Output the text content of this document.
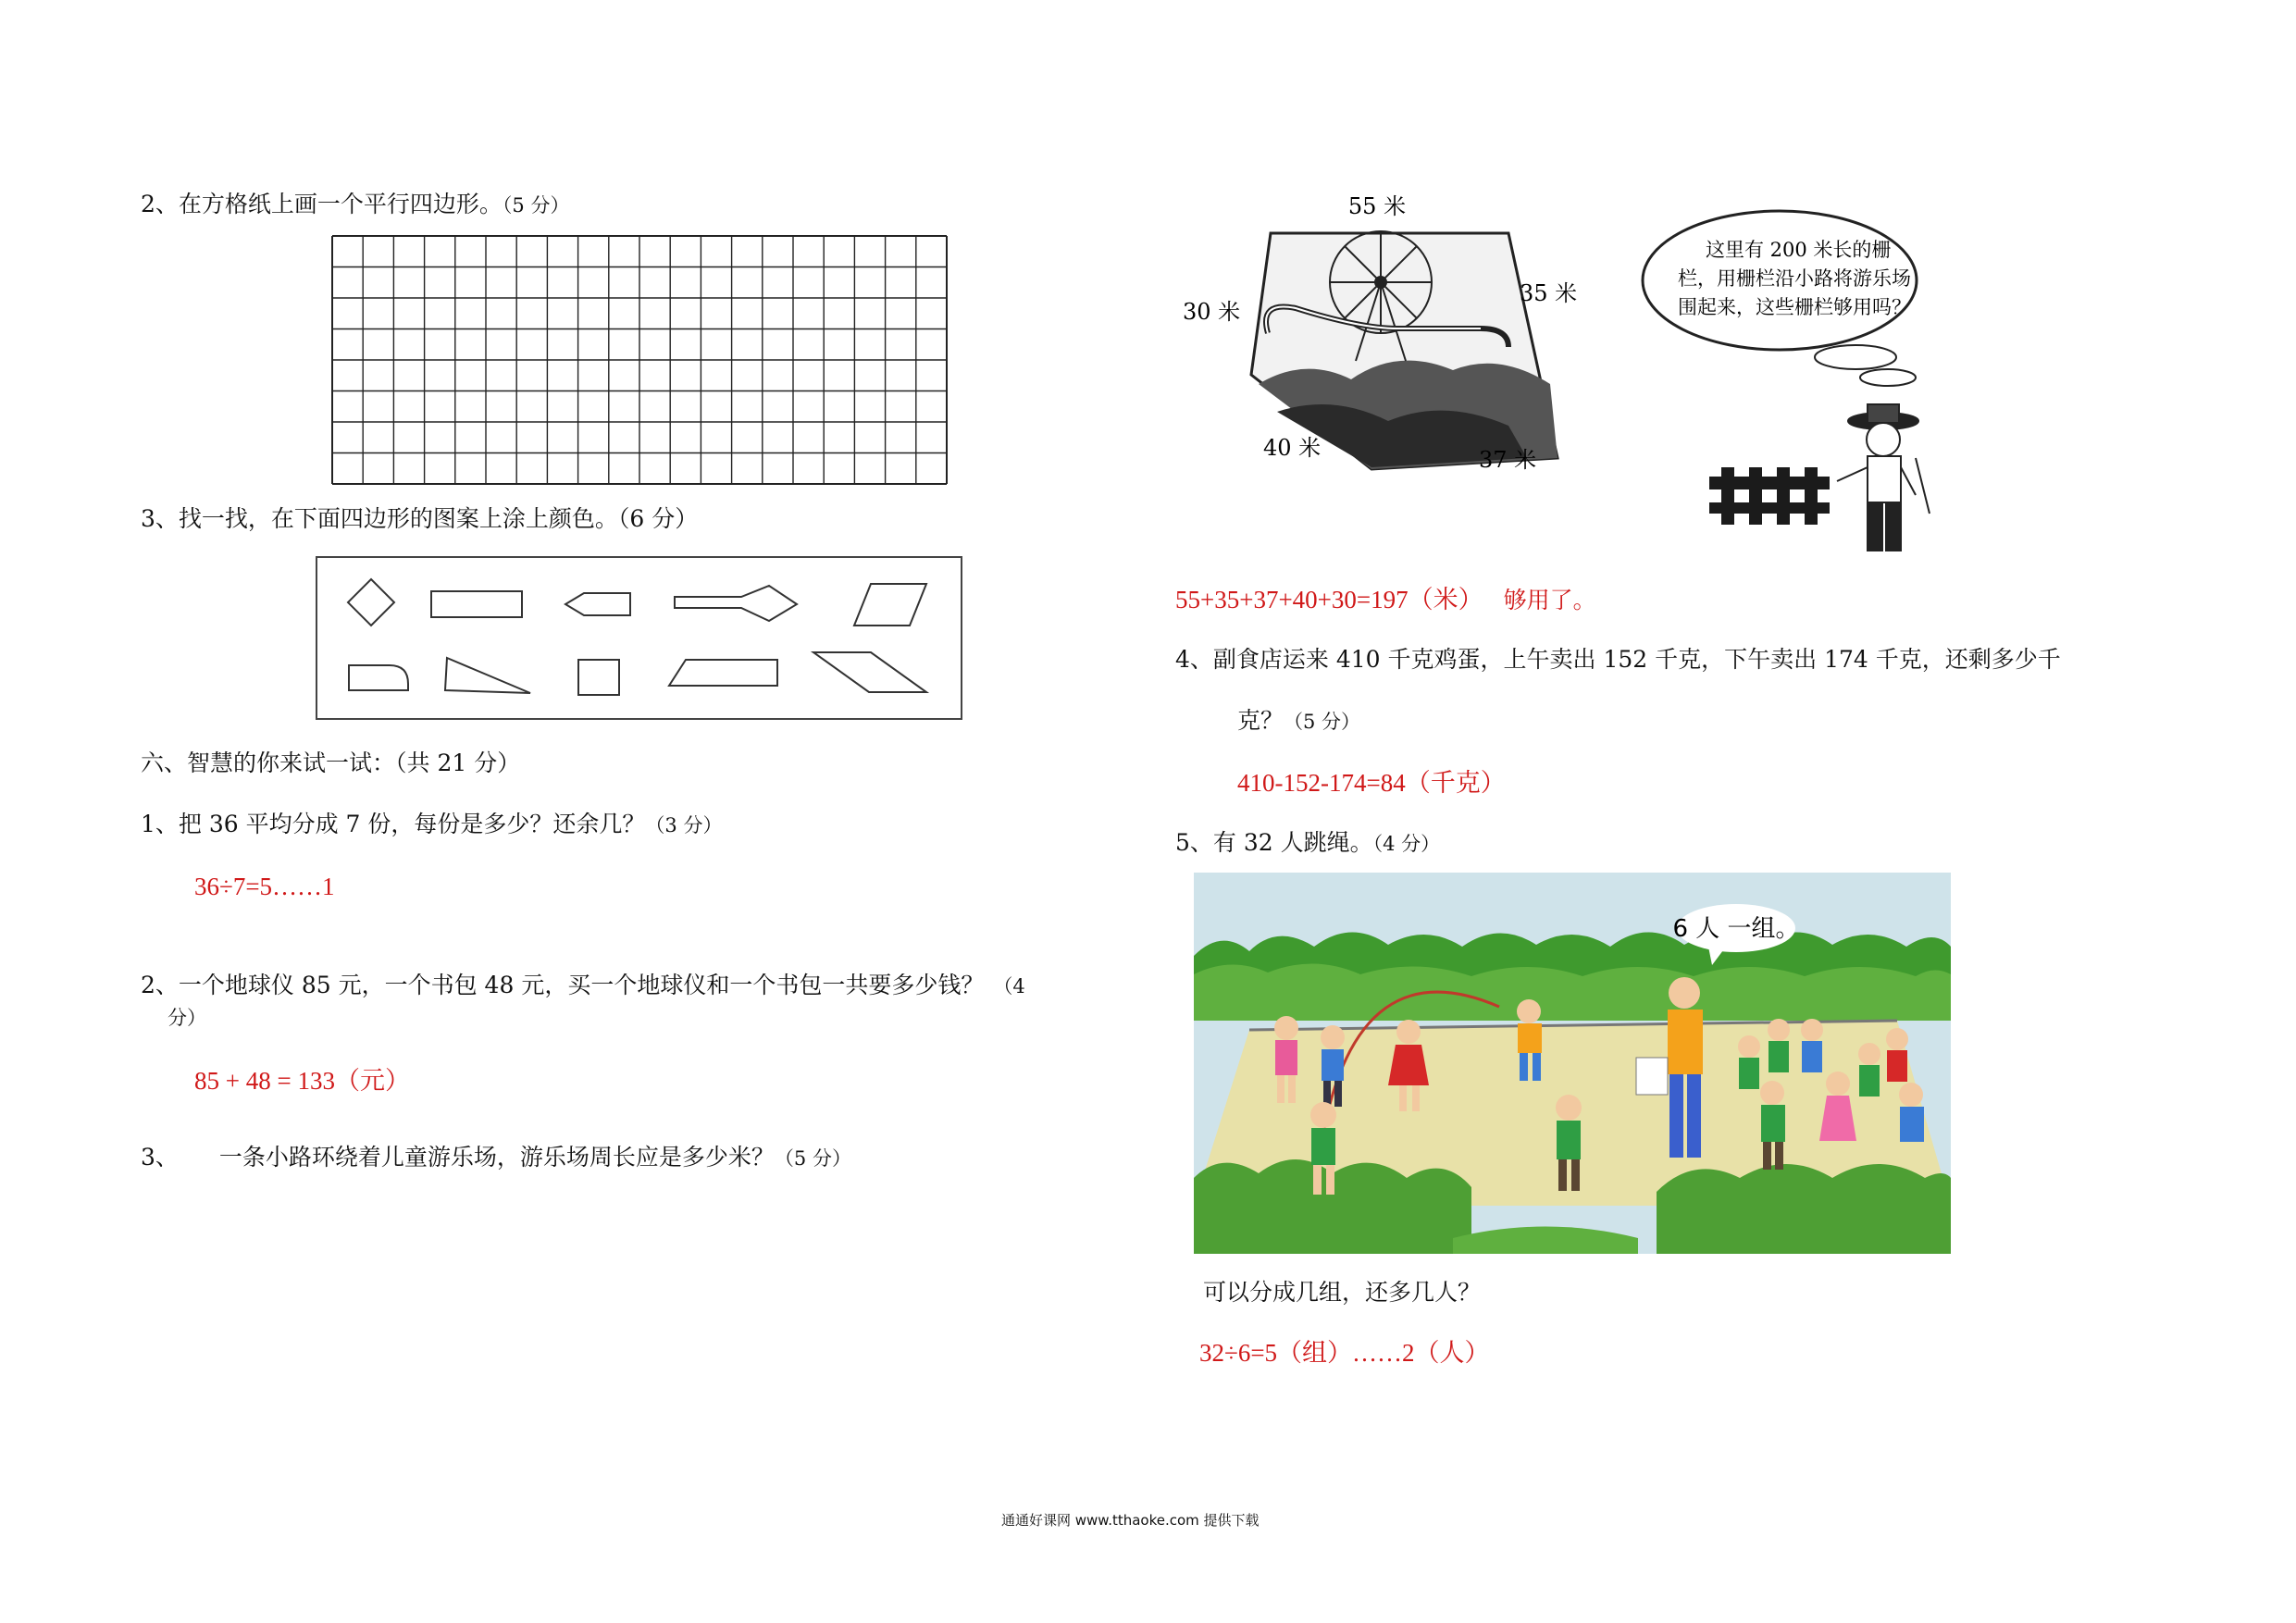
2、在方格纸上画一个平行四边形。（5 分）
3、找一找，在下面四边形的图案上涂上颜色。（6 分）
六、智慧的你来试一试：（共 21 分）
1、把 36 平均分成 7 份，每份是多少？还余几？（3 分）
36÷7=5……1
2、一个地球仪 85 元，一个书包 48 元，买一个地球仪和一个书包一共要多少钱？ （4
分）
85 + 48 = 133（元）
3、 一条小路环绕着儿童游乐场，游乐场周长应是多少米？（5 分）
55 米
35 米
30 米
40 米	37 米
这里有 200 米长的栅
栏，用栅栏沿小路将游乐场
围起来，这些栅栏够用吗？
55+35+37+40+30=197（米） 够用了。
4、副食店运来 410 千克鸡蛋，上午卖出 152 千克，下午卖出 174 千克，还剩多少千
克？（5 分）
410-152-174=84（千克）
5、有 32 人跳绳。（4 分）
6 人 一组。
可以分成几组，还多几人？
32÷6=5（组）……2（人）
通通好课网 www.tthaoke.com 提供下载
